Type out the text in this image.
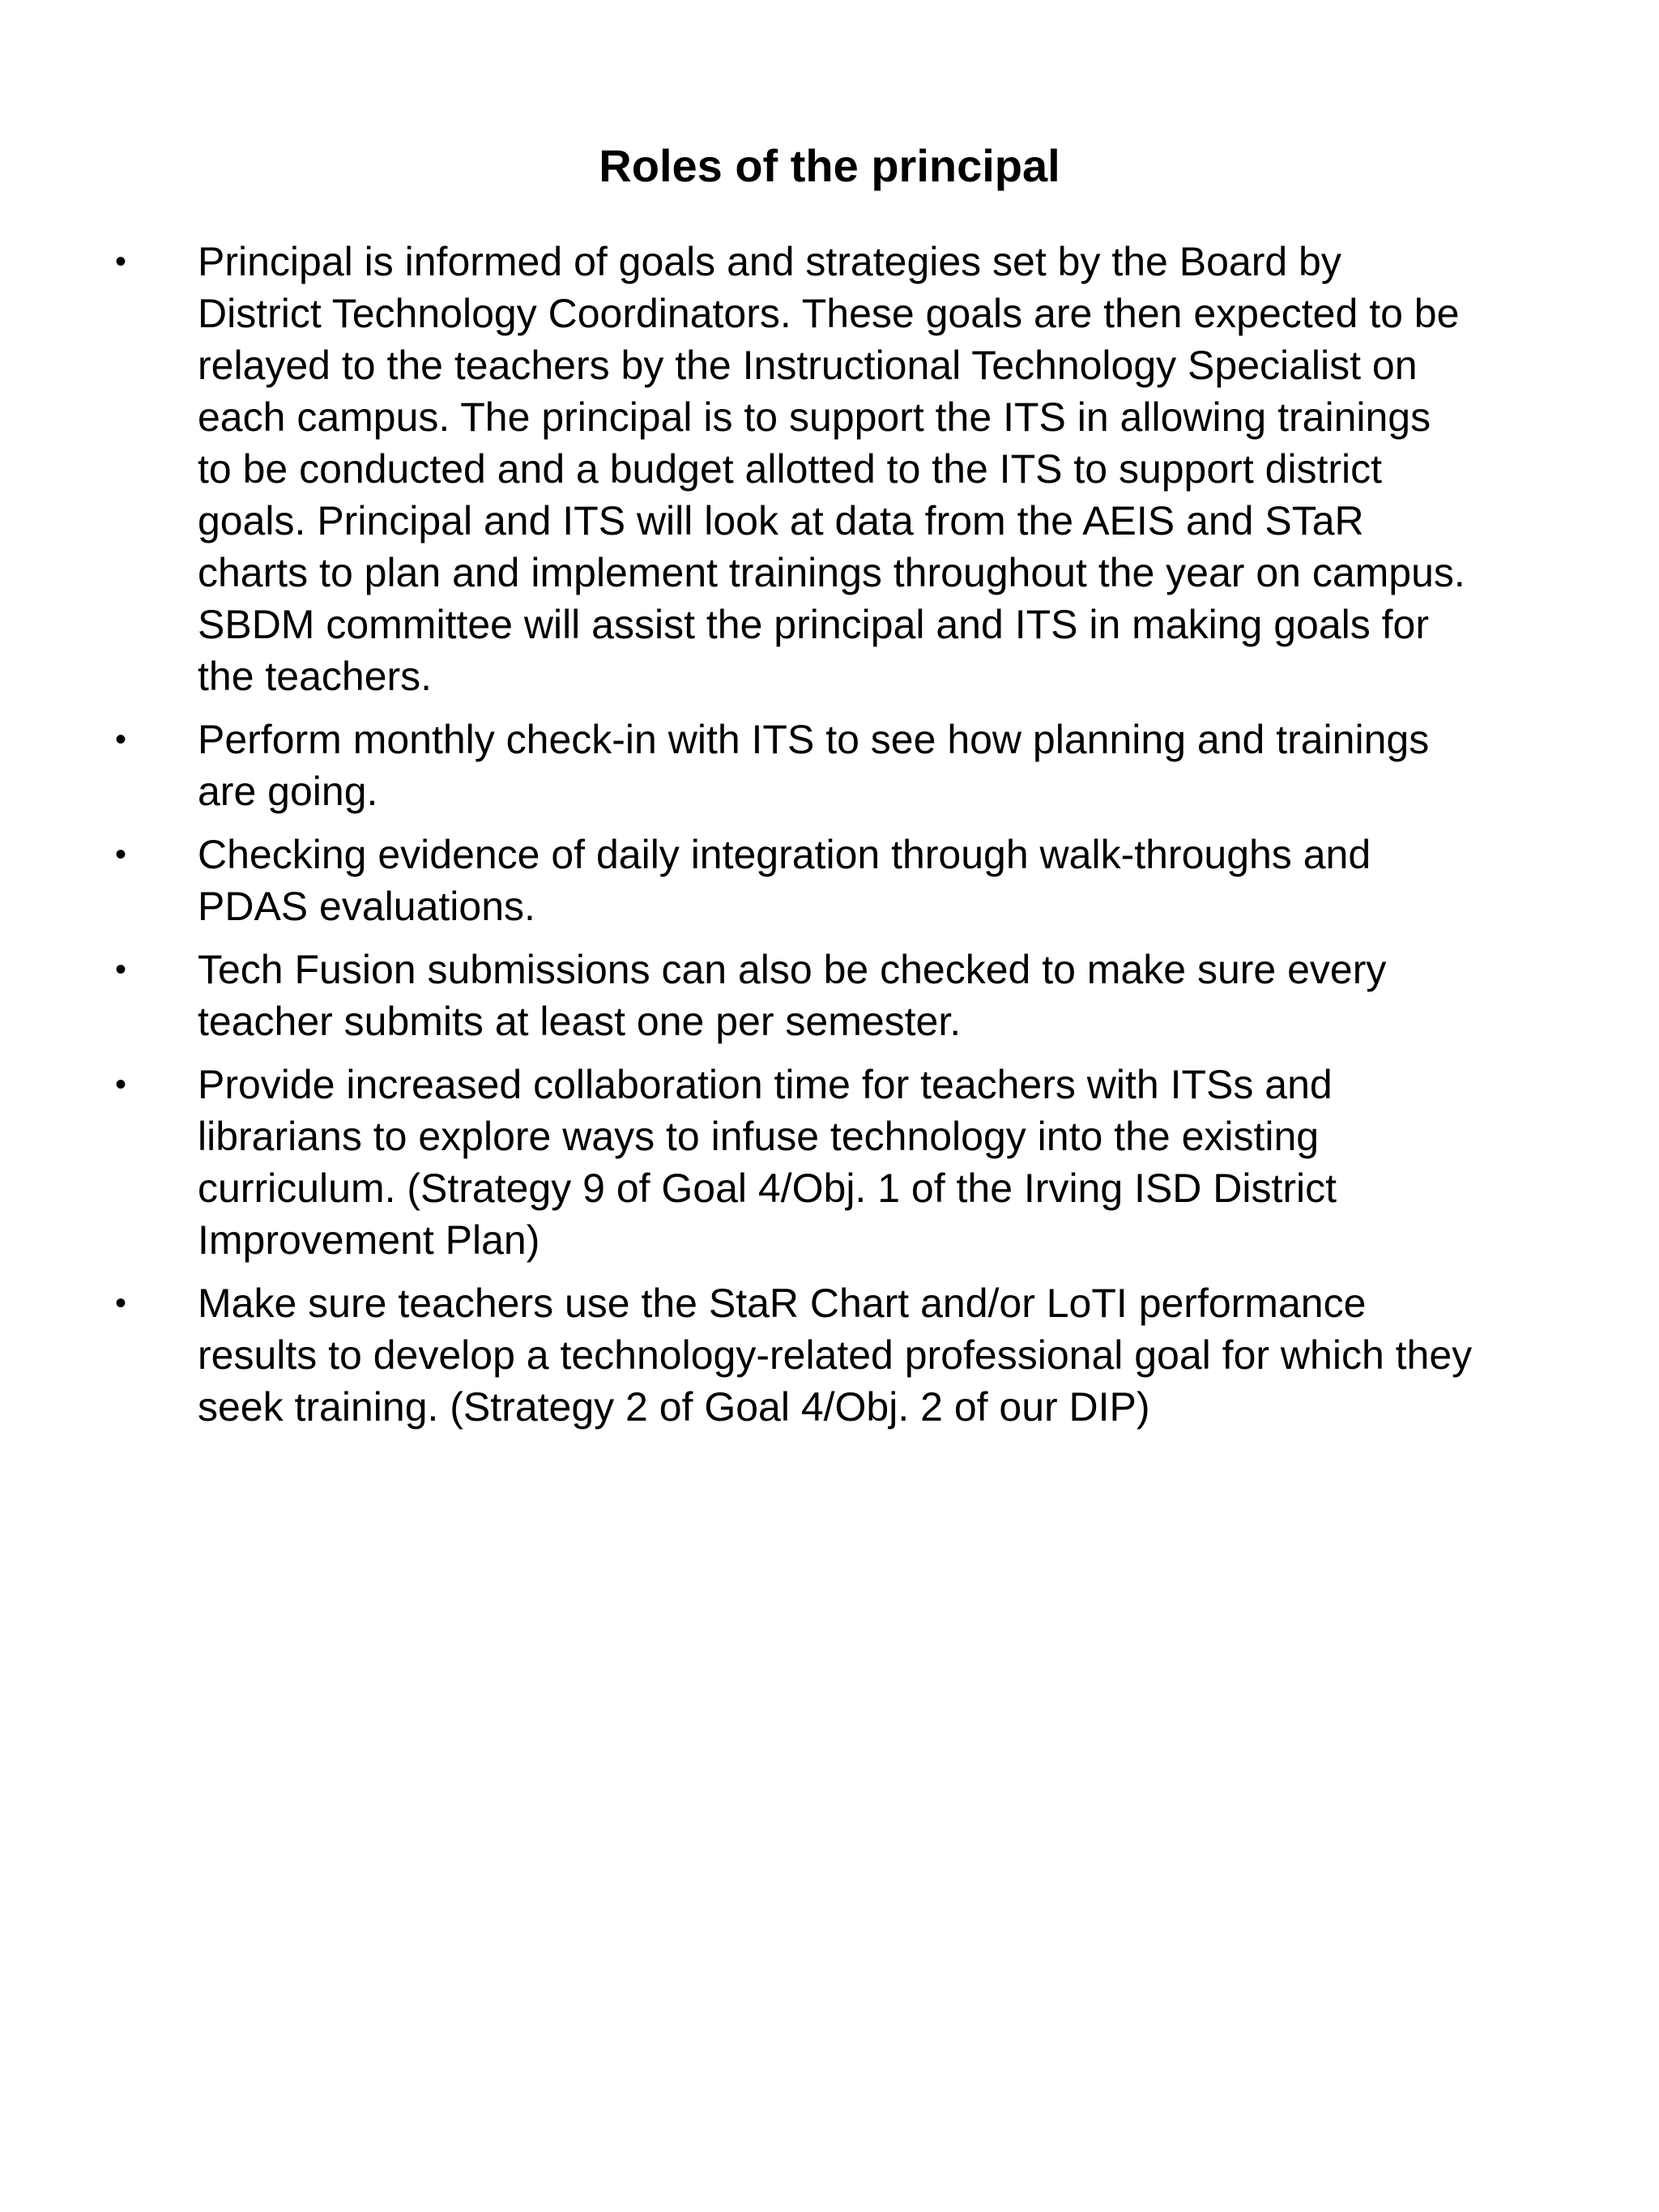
Roles of the principal
•	Principal is informed of goals and strategies set by the Board by
District Technology Coordinators. These goals are then expected to be
relayed to the teachers by the Instructional Technology Specialist on
each campus. The principal is to support the ITS in allowing trainings
to be conducted and a budget allotted to the ITS to support district
goals. Principal and ITS will look at data from the AEIS and STaR
charts to plan and implement trainings throughout the year on campus.
SBDM committee will assist the principal and ITS in making goals for
the teachers.
•	Perform monthly check-in with ITS to see how planning and trainings
are going.
•	Checking evidence of daily integration through walk-throughs and
PDAS evaluations.
•	Tech Fusion submissions can also be checked to make sure every
teacher submits at least one per semester.
•	Provide increased collaboration time for teachers with ITSs and
librarians to explore ways to infuse technology into the existing
curriculum. (Strategy 9 of Goal 4/Obj. 1 of the Irving ISD District
Improvement Plan)
•	Make sure teachers use the StaR Chart and/or LoTI performance
results to develop a technology-related professional goal for which they
seek training. (Strategy 2 of Goal 4/Obj. 2 of our DIP)
